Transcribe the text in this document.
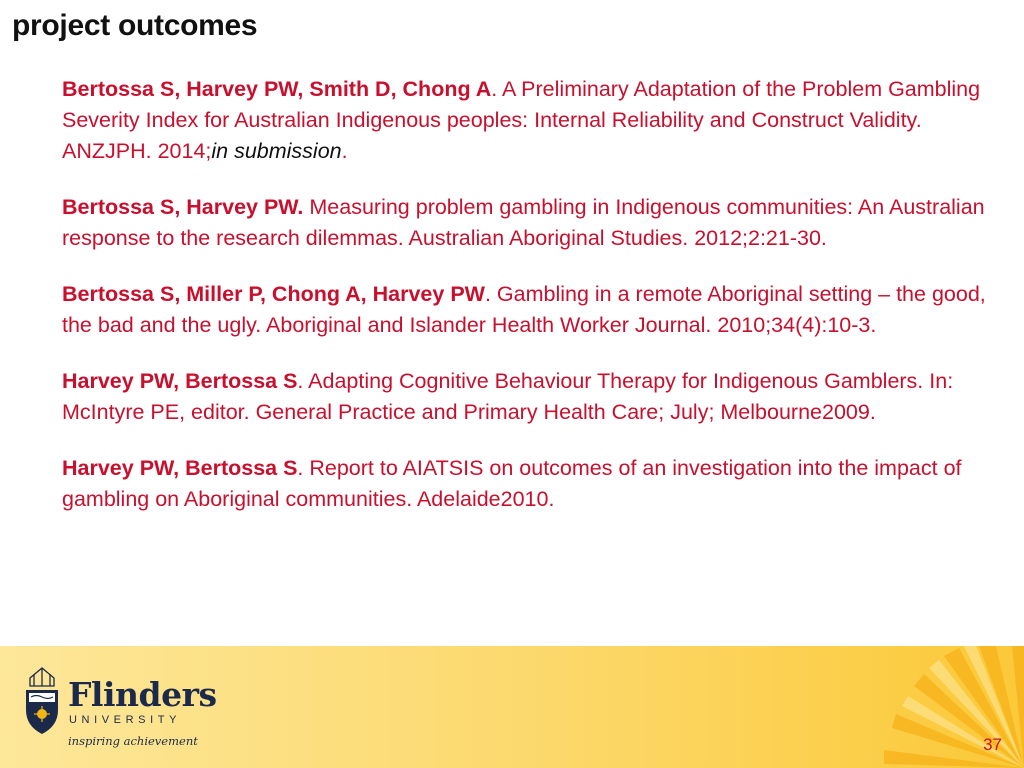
project outcomes

Bertossa S, Harvey PW, Smith D, Chong A. A Preliminary Adaptation of the Problem Gambling Severity Index for Australian Indigenous peoples: Internal Reliability and Construct Validity. ANZJPH. 2014;in submission.

Bertossa S, Harvey PW. Measuring problem gambling in Indigenous communities: An Australian response to the research dilemmas. Australian Aboriginal Studies. 2012;2:21-30.

Bertossa S, Miller P, Chong A, Harvey PW. Gambling in a remote Aboriginal setting – the good, the bad and the ugly. Aboriginal and Islander Health Worker Journal. 2010;34(4):10-3.

Harvey PW, Bertossa S. Adapting Cognitive Behaviour Therapy for Indigenous Gamblers. In: McIntyre PE, editor. General Practice and Primary Health Care; July; Melbourne2009.

Harvey PW, Bertossa S. Report to AIATSIS on outcomes of an investigation into the impact of gambling on Aboriginal communities. Adelaide2010.

Flinders
UNIVERSITY
inspiring achievement	37
